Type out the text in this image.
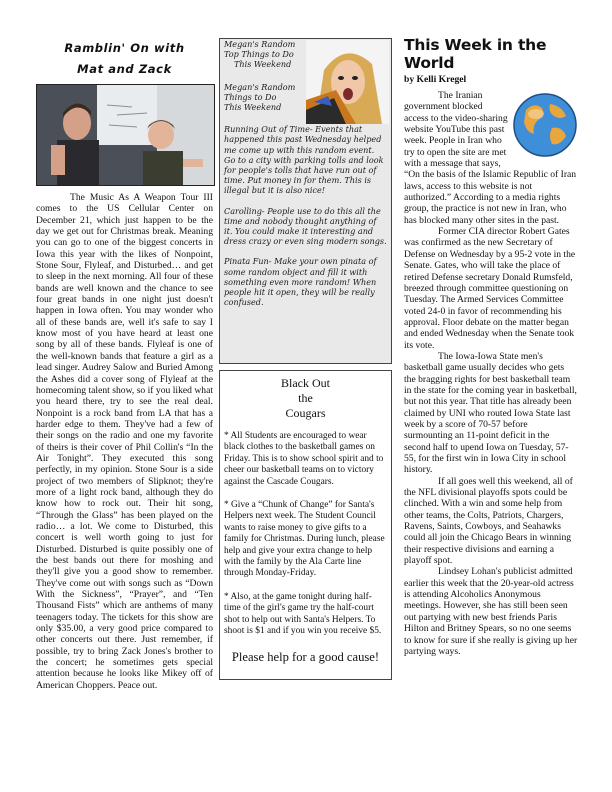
Ramblin' On with
Mat and Zack

The Music As A Weapon Tour III comes to the US Cellular Center on December 21, which just happen to be the day we get out for Christmas break. Meaning you can go to one of the biggest concerts in Iowa this year with the likes of Nonpoint, Stone Sour, Flyleaf, and Disturbed… and get to sleep in the next morning. All four of these bands are well known and the chance to see four great bands in one night just doesn't happen in Iowa often. You may wonder who all of these bands are, well it's safe to say I know most of you have heard at least one song by all of these bands. Flyleaf is one of the well-known bands that feature a girl as a lead singer. Audrey Salow and Buried Among the Ashes did a cover song of Flyleaf at the homecoming talent show, so if you liked what you heard there, try to see the real deal. Nonpoint is a rock band from LA that has a harder edge to them. They've had a few of their songs on the radio and one my favorite of theirs is their cover of Phil Collin's “In the Air Tonight”. They executed this song perfectly, in my opinion. Stone Sour is a side project of two members of Slipknot; they're more of a light rock band, although they do know how to rock out. Their hit song, “Through the Glass” has been played on the radio… a lot. We come to Disturbed, this concert is well worth going to just for Disturbed. Disturbed is quite possibly one of the best bands out there for moshing and they'll give you a good show to remember. They've come out with songs such as “Down With the Sickness”, “Prayer”, and “Ten Thousand Fists” which are anthems of many teenagers today. The tickets for this show are only $35.00, a very good price compared to other concerts out there. Just remember, if possible, try to bring Zack Jones's brother to the concert; he sometimes gets special attention because he looks like Mikey off of American Choppers. Peace out.

Megan's Random
Top Things to Do
This Weekend
Megan's Random
Things to Do
This Weekend

Running Out of Time- Events that happened this past Wednesday helped me come up with this random event. Go to a city with parking tolls and look for people's tolls that have run out of time. Put money in for them. This is illegal but it is also nice!

Carolling- People use to do this all the time and nobody thought anything of it. You could make it interesting and dress crazy or even sing modern songs.

Pinata Fun- Make your own pinata of some random object and fill it with something even more random! When people hit it open, they will be really confused.

Black Out
the
Cougars

* All Students are encouraged to wear black clothes to the basketball games on Friday. This is to show school spirit and to cheer our basketball teams on to victory against the Cascade Cougars.

* Give a “Chunk of Change” for Santa's Helpers next week. The Student Council wants to raise money to give gifts to a family for Christmas. During lunch, please help and give your extra change to help with the family by the Ala Carte line through Monday-Friday.

* Also, at the game tonight during half-time of the girl's game try the half-court shot to help out with Santa's Helpers. To shoot is $1 and if you win you receive $5.

Please help for a good cause!
This Week in the World
by Kelli Kregel

The Iranian government blocked access to the video-sharing website YouTube this past week. People in Iran who try to open the site are met with a message that says, “On the basis of the Islamic Republic of Iran laws, access to this website is not authorized.” According to a media rights group, the practice is not new in Iran, who has blocked many other sites in the past.

Former CIA director Robert Gates was confirmed as the new Secretary of Defense on Wednesday by a 95-2 vote in the Senate. Gates, who will take the place of retired Defense secretary Donald Rumsfeld, breezed through committee questioning on Tuesday. The Armed Services Committee voted 24-0 in favor of recommending his approval. Floor debate on the matter began and ended Wednesday when the Senate took its vote.

The Iowa-Iowa State men's basketball game usually decides who gets the bragging rights for best basketball team in the state for the coming year in basketball, but not this year. That title has already been claimed by UNI who routed Iowa State last week by a score of 70-57 before surmounting an 11-point deficit in the second half to upend Iowa on Tuesday, 57-55, for the first win in Iowa City in school history.

If all goes well this weekend, all of the NFL divisional playoffs spots could be clinched. With a win and some help from other teams, the Colts, Patriots, Chargers, Ravens, Saints, Cowboys, and Seahawks could all join the Chicago Bears in winning their respective divisions and earning a playoff spot.

Lindsey Lohan's publicist admitted earlier this week that the 20-year-old actress is attending Alcoholics Anonymous meetings. However, she has still been seen out partying with new best friends Paris Hilton and Britney Spears, so no one seems to know for sure if she really is giving up her partying ways.
